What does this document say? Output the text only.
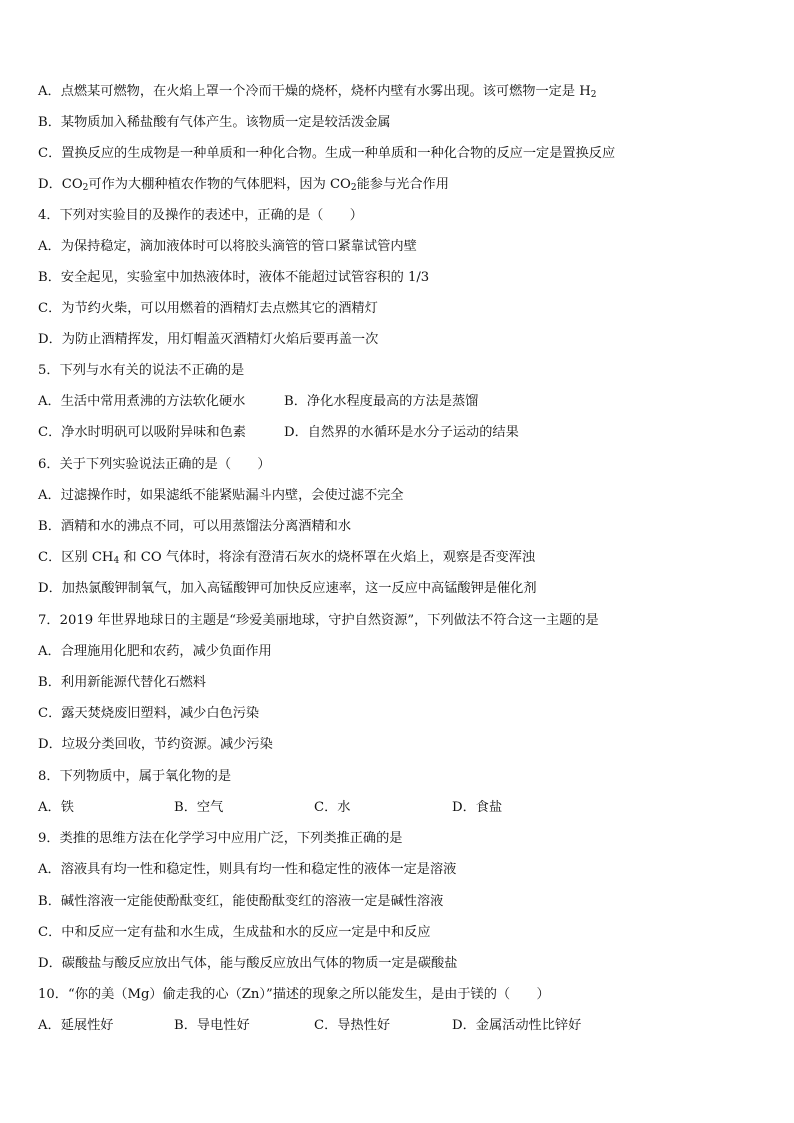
A．点燃某可燃物，在火焰上罩一个冷而干燥的烧杯，烧杯内壁有水雾出现。该可燃物一定是 $H_2$
B．某物质加入稀盐酸有气体产生。该物质一定是较活泼金属
C．置换反应的生成物是一种单质和一种化合物。生成一种单质和一种化合物的反应一定是置换反应
D．$CO_2$可作为大棚种植农作物的气体肥料，因为 $CO_2$能参与光合作用
4．下列对实验目的及操作的表述中，正确的是（　　）
A．为保持稳定，滴加液体时可以将胶头滴管的管口紧靠试管内壁
B．安全起见，实验室中加热液体时，液体不能超过试管容积的 1/3
C．为节约火柴，可以用燃着的酒精灯去点燃其它的酒精灯
D．为防止酒精挥发，用灯帽盖灭酒精灯火焰后要再盖一次
5．下列与水有关的说法不正确的是
A．生活中常用煮沸的方法软化硬水	B．净化水程度最高的方法是蒸馏
C．净水时明矾可以吸附异味和色素	D．自然界的水循环是水分子运动的结果
6．关于下列实验说法正确的是（　　）
A．过滤操作时，如果滤纸不能紧贴漏斗内壁，会使过滤不完全
B．酒精和水的沸点不同，可以用蒸馏法分离酒精和水
C．区别 $CH_4$ 和 CO 气体时，将涂有澄清石灰水的烧杯罩在火焰上，观察是否变浑浊
D．加热氯酸钾制氧气，加入高锰酸钾可加快反应速率，这一反应中高锰酸钾是催化剂
7．2019 年世界地球日的主题是“珍爱美丽地球，守护自然资源”，下列做法不符合这一主题的是
A．合理施用化肥和农药，减少负面作用
B．利用新能源代替化石燃料
C．露天焚烧废旧塑料，减少白色污染
D．垃圾分类回收，节约资源。减少污染
8．下列物质中，属于氧化物的是
A．铁	B．空气	C．水	D．食盐
9．类推的思维方法在化学学习中应用广泛，下列类推正确的是
A．溶液具有均一性和稳定性，则具有均一性和稳定性的液体一定是溶液
B．碱性溶液一定能使酚酞变红，能使酚酞变红的溶液一定是碱性溶液
C．中和反应一定有盐和水生成，生成盐和水的反应一定是中和反应
D．碳酸盐与酸反应放出气体，能与酸反应放出气体的物质一定是碳酸盐
10．“你的美（Mg）偷走我的心（Zn）”描述的现象之所以能发生，是由于镁的（　　）
A．延展性好	B．导电性好	C．导热性好	D．金属活动性比锌好
